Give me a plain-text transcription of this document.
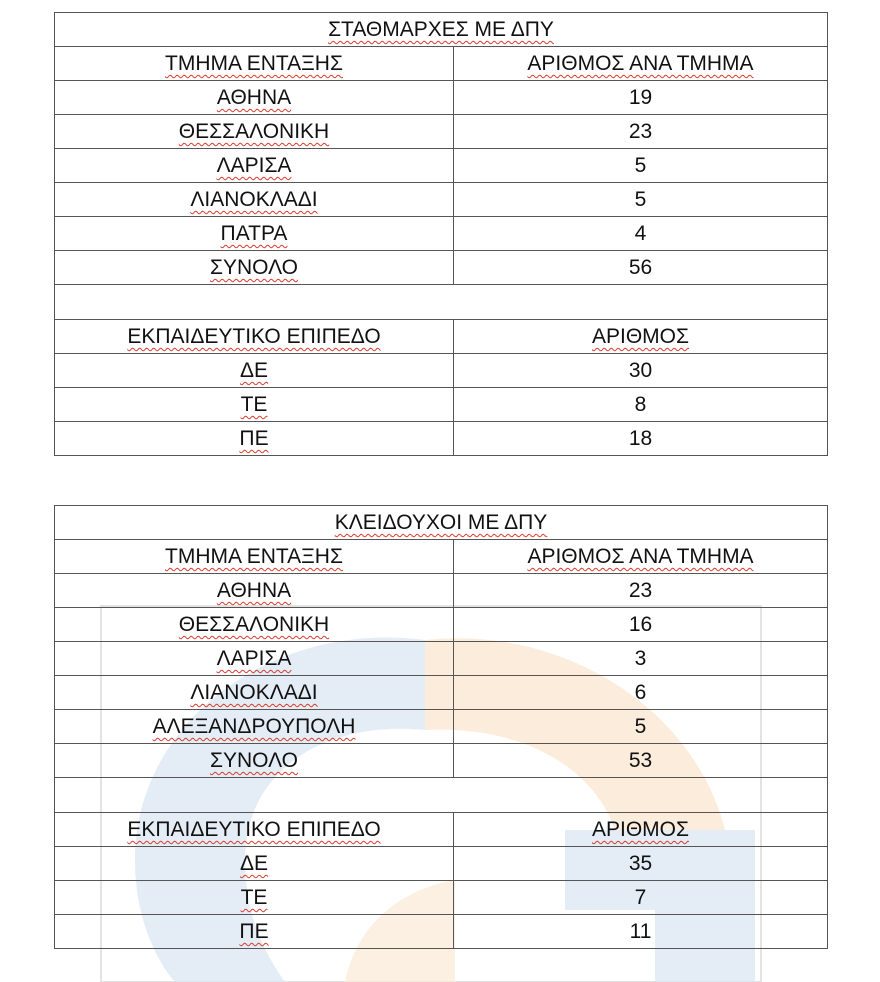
ΣΤΑΘΜΑΡΧΕΣ ΜΕ ΔΠΥ	
ΤΜΗΜΑ ΕΝΤΑΞΗΣ	ΑΡΙΘΜΟΣ ΑΝΑ ΤΜΗΜΑ
ΑΘΗΝΑ	19
ΘΕΣΣΑΛΟΝΙΚΗ	23
ΛΑΡΙΣΑ	5
ΛΙΑΝΟΚΛΑΔΙ	5
ΠΑΤΡΑ	4
ΣΥΝΟΛΟ	56

ΕΚΠΑΙΔΕΥΤΙΚΟ ΕΠΙΠΕΔΟ	ΑΡΙΘΜΟΣ
ΔΕ	30
ΤΕ	8
ΠΕ	18
ΚΛΕΙΔΟΥΧΟΙ ΜΕ ΔΠΥ	
ΤΜΗΜΑ ΕΝΤΑΞΗΣ	ΑΡΙΘΜΟΣ ΑΝΑ ΤΜΗΜΑ
ΑΘΗΝΑ	23
ΘΕΣΣΑΛΟΝΙΚΗ	16
ΛΑΡΙΣΑ	3
ΛΙΑΝΟΚΛΑΔΙ	6
ΑΛΕΞΑΝΔΡΟΥΠΟΛΗ	5
ΣΥΝΟΛΟ	53

ΕΚΠΑΙΔΕΥΤΙΚΟ ΕΠΙΠΕΔΟ	ΑΡΙΘΜΟΣ
ΔΕ	35
ΤΕ	7
ΠΕ	11
